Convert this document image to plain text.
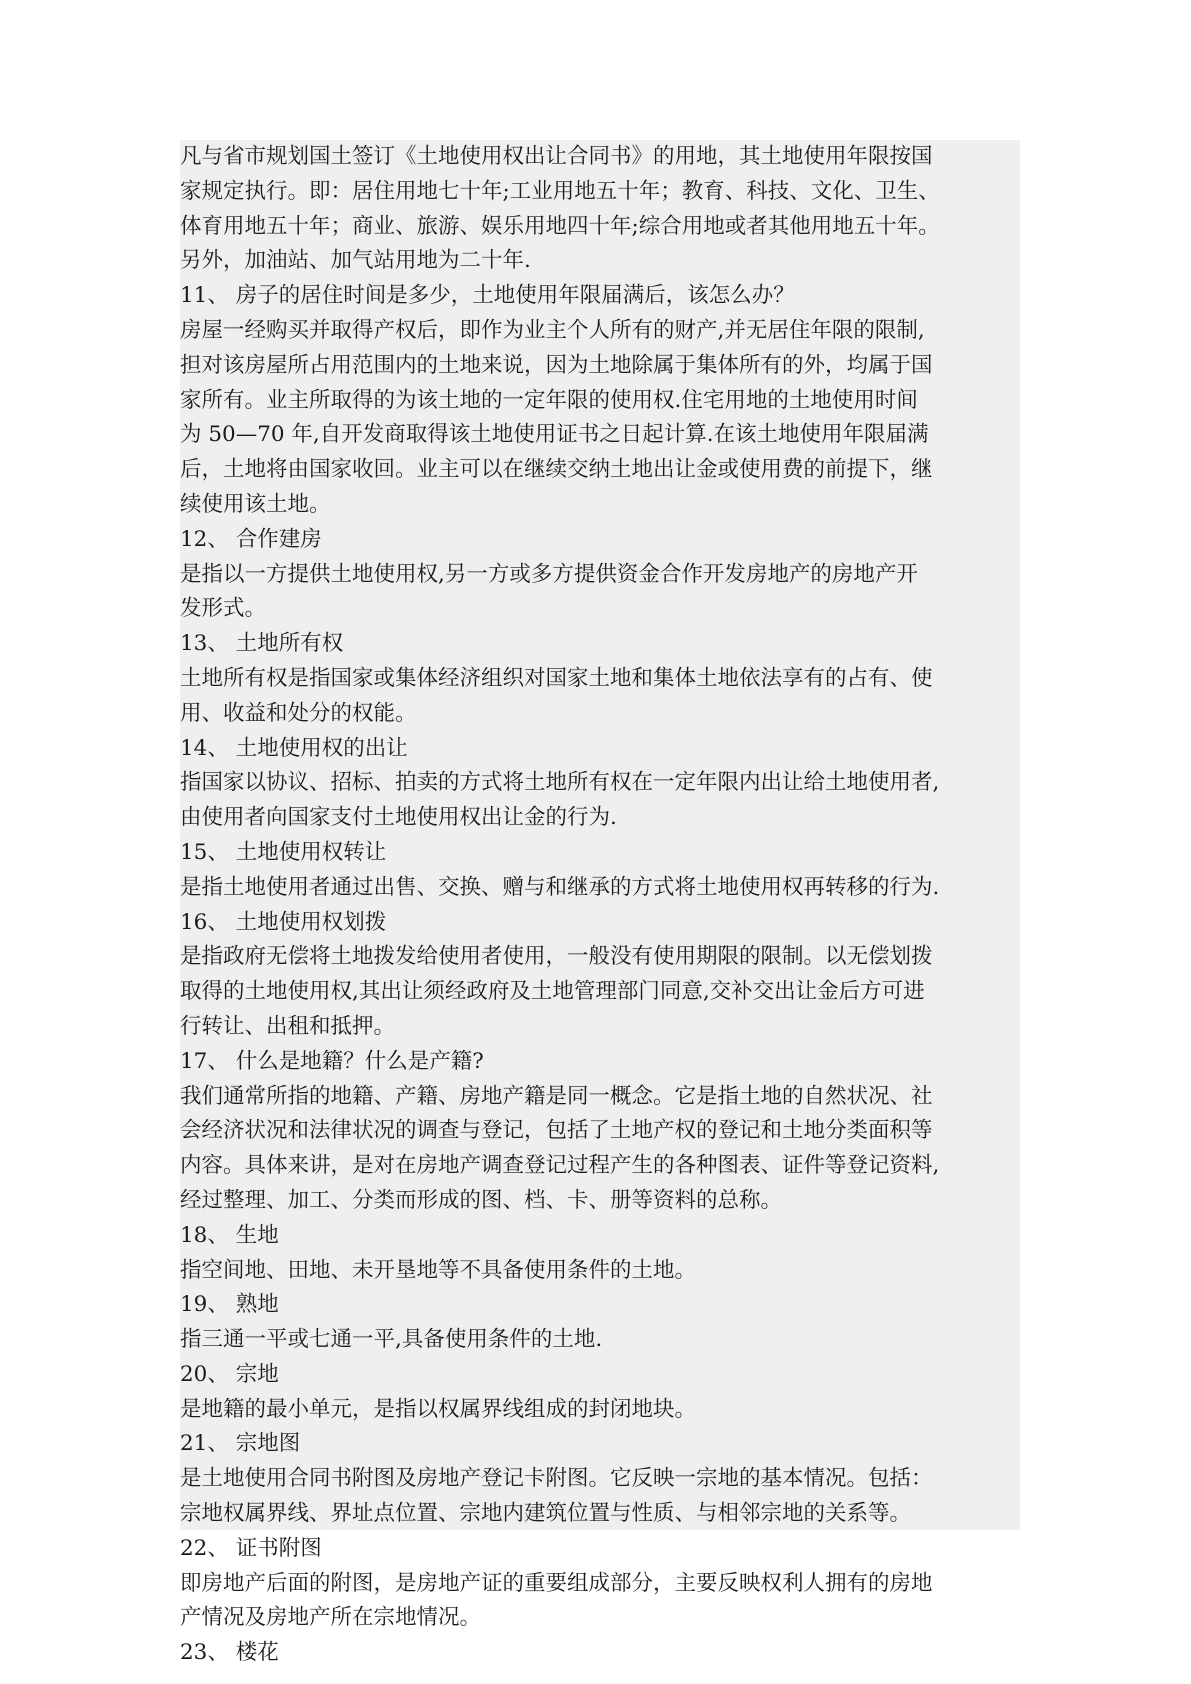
凡与省市规划国土签订《土地使用权出让合同书》的用地，其土地使用年限按国
家规定执行。即：居住用地七十年;工业用地五十年；教育、科技、文化、卫生、
体育用地五十年；商业、旅游、娱乐用地四十年;综合用地或者其他用地五十年。
另外，加油站、加气站用地为二十年.
11、 房子的居住时间是多少，土地使用年限届满后，该怎么办？
房屋一经购买并取得产权后，即作为业主个人所有的财产,并无居住年限的限制,
担对该房屋所占用范围内的土地来说，因为土地除属于集体所有的外，均属于国
家所有。业主所取得的为该土地的一定年限的使用权.住宅用地的土地使用时间
为 50—70 年,自开发商取得该土地使用证书之日起计算.在该土地使用年限届满
后，土地将由国家收回。业主可以在继续交纳土地出让金或使用费的前提下，继
续使用该土地。
12、 合作建房
是指以一方提供土地使用权,另一方或多方提供资金合作开发房地产的房地产开
发形式。
13、 土地所有权
土地所有权是指国家或集体经济组织对国家土地和集体土地依法享有的占有、使
用、收益和处分的权能。
14、 土地使用权的出让
指国家以协议、招标、拍卖的方式将土地所有权在一定年限内出让给土地使用者,
由使用者向国家支付土地使用权出让金的行为.
15、 土地使用权转让
是指土地使用者通过出售、交换、赠与和继承的方式将土地使用权再转移的行为.
16、 土地使用权划拨
是指政府无偿将土地拨发给使用者使用，一般没有使用期限的限制。以无偿划拨
取得的土地使用权,其出让须经政府及土地管理部门同意,交补交出让金后方可进
行转让、出租和抵押。
17、 什么是地籍？什么是产籍?
我们通常所指的地籍、产籍、房地产籍是同一概念。它是指土地的自然状况、社
会经济状况和法律状况的调查与登记，包括了土地产权的登记和土地分类面积等
内容。具体来讲，是对在房地产调查登记过程产生的各种图表、证件等登记资料,
经过整理、加工、分类而形成的图、档、卡、册等资料的总称。
18、 生地
指空间地、田地、未开垦地等不具备使用条件的土地。
19、 熟地
指三通一平或七通一平,具备使用条件的土地.
20、 宗地
是地籍的最小单元，是指以权属界线组成的封闭地块。
21、 宗地图
是土地使用合同书附图及房地产登记卡附图。它反映一宗地的基本情况。包括：
宗地权属界线、界址点位置、宗地内建筑位置与性质、与相邻宗地的关系等。
22、 证书附图
即房地产后面的附图，是房地产证的重要组成部分，主要反映权利人拥有的房地
产情况及房地产所在宗地情况。
23、 楼花
